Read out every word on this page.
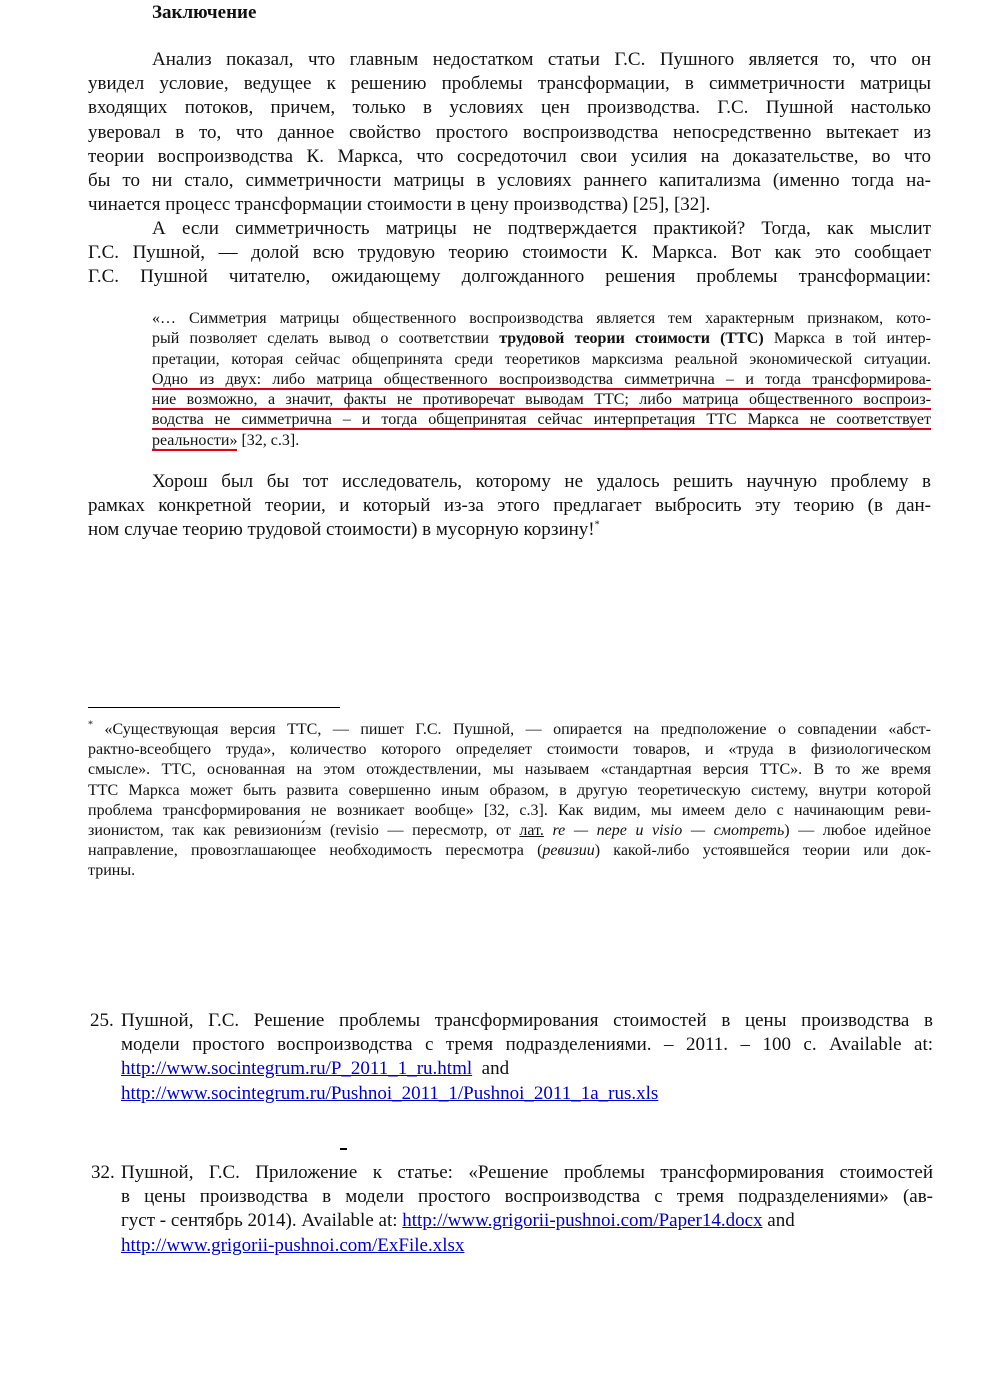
Заключение
Анализ показал, что главным недостатком статьи Г.С. Пушного является то, что он
увидел условие, ведущее к решению проблемы трансформации, в симметричности матрицы
входящих потоков, причем, только в условиях цен производства. Г.С. Пушной настолько
уверовал в то, что данное свойство простого воспроизводства непосредственно вытекает из
теории воспроизводства К. Маркса, что сосредоточил свои усилия на доказательстве, во что
бы то ни стало, симметричности матрицы в условиях раннего капитализма (именно тогда на-
чинается процесс трансформации стоимости в цену производства) [25], [32].
А если симметричность матрицы не подтверждается практикой? Тогда, как мыслит
Г.С. Пушной, — долой всю трудовую теорию стоимости К. Маркса. Вот как это сообщает
Г.С. Пушной читателю, ожидающему долгожданного решения проблемы трансформации:
«… Симметрия матрицы общественного воспроизводства является тем характерным признаком, кото-
рый позволяет сделать вывод о соответствии трудовой теории стоимости (ТТС) Маркса в той интер-
претации, которая сейчас общепринята среди теоретиков марксизма реальной экономической ситуации.
Одно из двух: либо матрица общественного воспроизводства симметрична – и тогда трансформирова-
ние возможно, а значит, факты не противоречат выводам ТТС; либо матрица общественного воспроиз-
водства не симметрична – и тогда общепринятая сейчас интерпретация ТТС Маркса не соответствует
реальности» [32, с.3].
Хорош был бы тот исследователь, которому не удалось решить научную проблему в
рамках конкретной теории, и который из-за этого предлагает выбросить эту теорию (в дан-
ном случае теорию трудовой стоимости) в мусорную корзину!*
* «Существующая версия ТТС, — пишет Г.С. Пушной, — опирается на предположение о совпадении «абст-
рактно-всеобщего труда», количество которого определяет стоимости товаров, и «труда в физиологическом
смысле». ТТС, основанная на этом отождествлении, мы называем «стандартная версия ТТС». В то же время
ТТС Маркса может быть развита совершенно иным образом, в другую теоретическую систему, внутри которой
проблема трансформирования не возникает вообще» [32, с.3]. Как видим, мы имеем дело с начинающим реви-
зионистом, так как ревизиони́зм (revisio — пересмотр, от лат. re — пере и visio — смотреть) — любое идейное
направление, провозглашающее необходимость пересмотра (ревизии) какой-либо устоявшейся теории или док-
трины.
25. Пушной, Г.С. Решение проблемы трансформирования стоимостей в цены производства в
модели простого воспроизводства с тремя подразделениями. – 2011. – 100 с. Available at:
http://www.socintegrum.ru/P_2011_1_ru.html  and
http://www.socintegrum.ru/Pushnoi_2011_1/Pushnoi_2011_1a_rus.xls
32. Пушной, Г.С. Приложение к статье: «Решение проблемы трансформирования стоимостей
в цены производства в модели простого воспроизводства с тремя подразделениями» (ав-
густ - сентябрь 2014). Available at: http://www.grigorii-pushnoi.com/Paper14.docx and
http://www.grigorii-pushnoi.com/ExFile.xlsx
